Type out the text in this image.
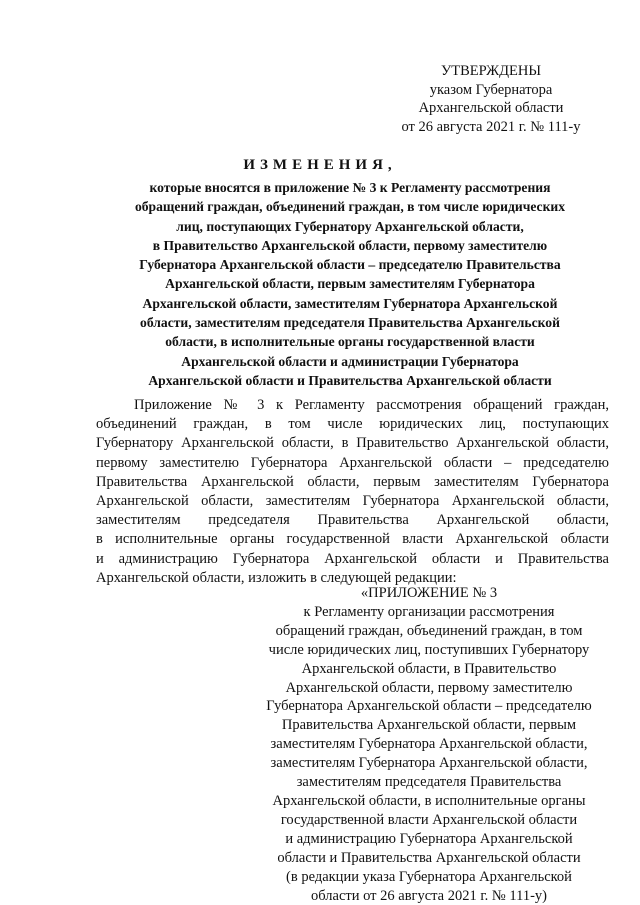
УТВЕРЖДЕНЫ
указом Губернатора
Архангельской области
от 26 августа 2021 г. № 111-у
ИЗМЕНЕНИЯ,
которые вносятся в приложение № 3 к Регламенту рассмотрения
обращений граждан, объединений граждан, в том числе юридических
лиц, поступающих Губернатору Архангельской области,
в Правительство Архангельской области, первому заместителю
Губернатора Архангельской области – председателю Правительства
Архангельской области, первым заместителям Губернатора
Архангельской области, заместителям Губернатора Архангельской
области, заместителям председателя Правительства Архангельской
области, в исполнительные органы государственной власти
Архангельской области и администрации Губернатора
Архангельской области и Правительства Архангельской области
Приложение № 3 к Регламенту рассмотрения обращений граждан,
объединений граждан, в том числе юридических лиц, поступающих
Губернатору Архангельской области, в Правительство Архангельской области,
первому заместителю Губернатора Архангельской области – председателю
Правительства Архангельской области, первым заместителям Губернатора
Архангельской области, заместителям Губернатора Архангельской области,
заместителям председателя Правительства Архангельской области,
в исполнительные органы государственной власти Архангельской области
и администрацию Губернатора Архангельской области и Правительства
Архангельской области, изложить в следующей редакции:
«ПРИЛОЖЕНИЕ № 3
к Регламенту организации рассмотрения
обращений граждан, объединений граждан, в том
числе юридических лиц, поступивших Губернатору
Архангельской области, в Правительство
Архангельской области, первому заместителю
Губернатора Архангельской области – председателю
Правительства Архангельской области, первым
заместителям Губернатора Архангельской области,
заместителям Губернатора Архангельской области,
заместителям председателя Правительства
Архангельской области, в исполнительные органы
государственной власти Архангельской области
и администрацию Губернатора Архангельской
области и Правительства Архангельской области
(в редакции указа Губернатора Архангельской
области от 26 августа 2021 г. № 111-у)
